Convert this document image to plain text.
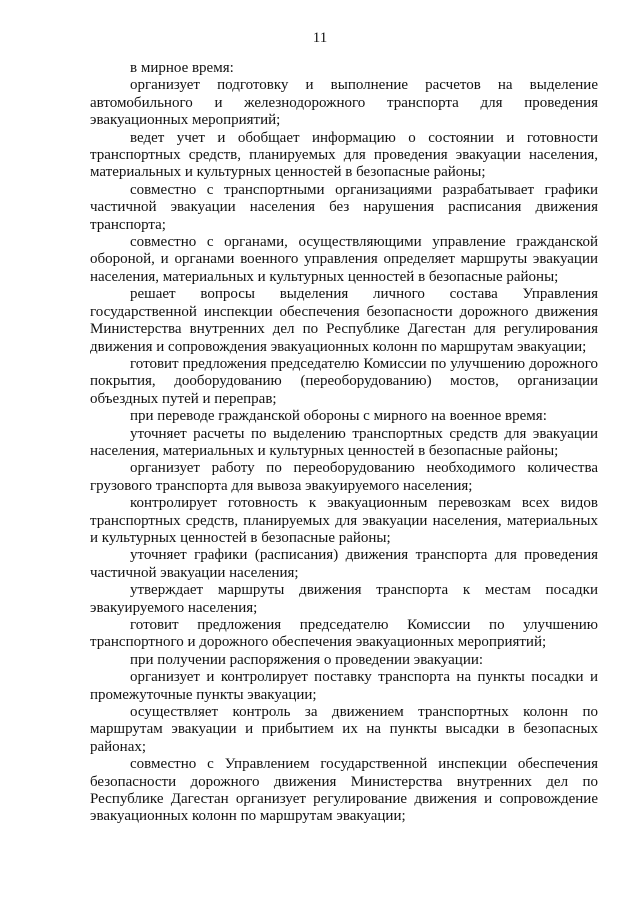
11

в мирное время:

организует подготовку и выполнение расчетов на выделение автомобильного и железнодорожного транспорта для проведения эвакуационных мероприятий;

ведет учет и обобщает информацию о состоянии и готовности транспортных средств, планируемых для проведения эвакуации населения, материальных и культурных ценностей в безопасные районы;

совместно с транспортными организациями разрабатывает графики частичной эвакуации населения без нарушения расписания движения транспорта;

совместно с органами, осуществляющими управление гражданской обороной, и органами военного управления определяет маршруты эвакуации населения, материальных и культурных ценностей в безопасные районы;

решает вопросы выделения личного состава Управления государственной инспекции обеспечения безопасности дорожного движения Министерства внутренних дел по Республике Дагестан для регулирования движения и сопровождения эвакуационных колонн по маршрутам эвакуации;

готовит предложения председателю Комиссии по улучшению дорожного покрытия, дооборудованию (переоборудованию) мостов, организации объездных путей и переправ;

при переводе гражданской обороны с мирного на военное время:

уточняет расчеты по выделению транспортных средств для эвакуации населения, материальных и культурных ценностей в безопасные районы;

организует работу по переоборудованию необходимого количества грузового транспорта для вывоза эвакуируемого населения;

контролирует готовность к эвакуационным перевозкам всех видов транспортных средств, планируемых для эвакуации населения, материальных и культурных ценностей в безопасные районы;

уточняет графики (расписания) движения транспорта для проведения частичной эвакуации населения;

утверждает маршруты движения транспорта к местам посадки эвакуируемого населения;

готовит предложения председателю Комиссии по улучшению транспортного и дорожного обеспечения эвакуационных мероприятий;

при получении распоряжения о проведении эвакуации:

организует и контролирует поставку транспорта на пункты посадки и промежуточные пункты эвакуации;

осуществляет контроль за движением транспортных колонн по маршрутам эвакуации и прибытием их на пункты высадки в безопасных районах;

совместно с Управлением государственной инспекции обеспечения безопасности дорожного движения Министерства внутренних дел по Республике Дагестан организует регулирование движения и сопровождение эвакуационных колонн по маршрутам эвакуации;
